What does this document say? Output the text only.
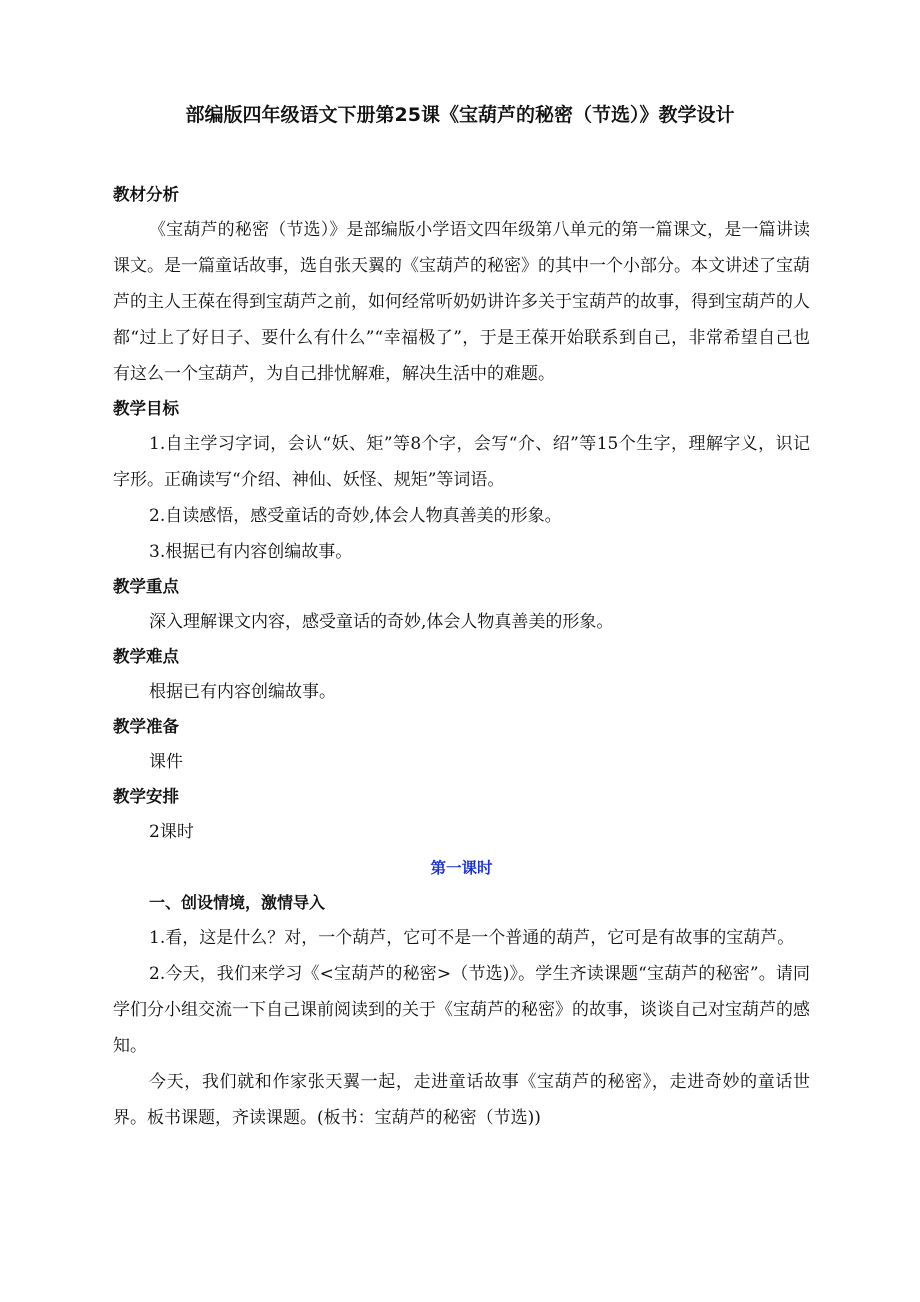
部编版四年级语文下册第25课《宝葫芦的秘密（节选）》教学设计
教材分析

《宝葫芦的秘密（节选）》是部编版小学语文四年级第八单元的第一篇课文，是一篇讲读课文。是一篇童话故事，选自张天翼的《宝葫芦的秘密》的其中一个小部分。本文讲述了宝葫芦的主人王葆在得到宝葫芦之前，如何经常听奶奶讲许多关于宝葫芦的故事，得到宝葫芦的人都“过上了好日子、要什么有什么”“幸福极了”，于是王葆开始联系到自己，非常希望自己也有这么一个宝葫芦，为自己排忧解难，解决生活中的难题。

教学目标

1.自主学习字词，会认“妖、矩”等8个字，会写“介、绍”等15个生字，理解字义，识记字形。正确读写“介绍、神仙、妖怪、规矩”等词语。

2.自读感悟，感受童话的奇妙,体会人物真善美的形象。

3.根据已有内容创编故事。

教学重点

深入理解课文内容，感受童话的奇妙,体会人物真善美的形象。

教学难点

根据已有内容创编故事。

教学准备

课件

教学安排

2课时

第一课时

一、创设情境，激情导入

1.看，这是什么？对，一个葫芦，它可不是一个普通的葫芦，它可是有故事的宝葫芦。

2.今天，我们来学习《<宝葫芦的秘密>（节选)》。学生齐读课题“宝葫芦的秘密”。请同学们分小组交流一下自己课前阅读到的关于《宝葫芦的秘密》的故事，谈谈自己对宝葫芦的感知。

今天，我们就和作家张天翼一起，走进童话故事《宝葫芦的秘密》，走进奇妙的童话世界。板书课题，齐读课题。(板书：宝葫芦的秘密（节选))
